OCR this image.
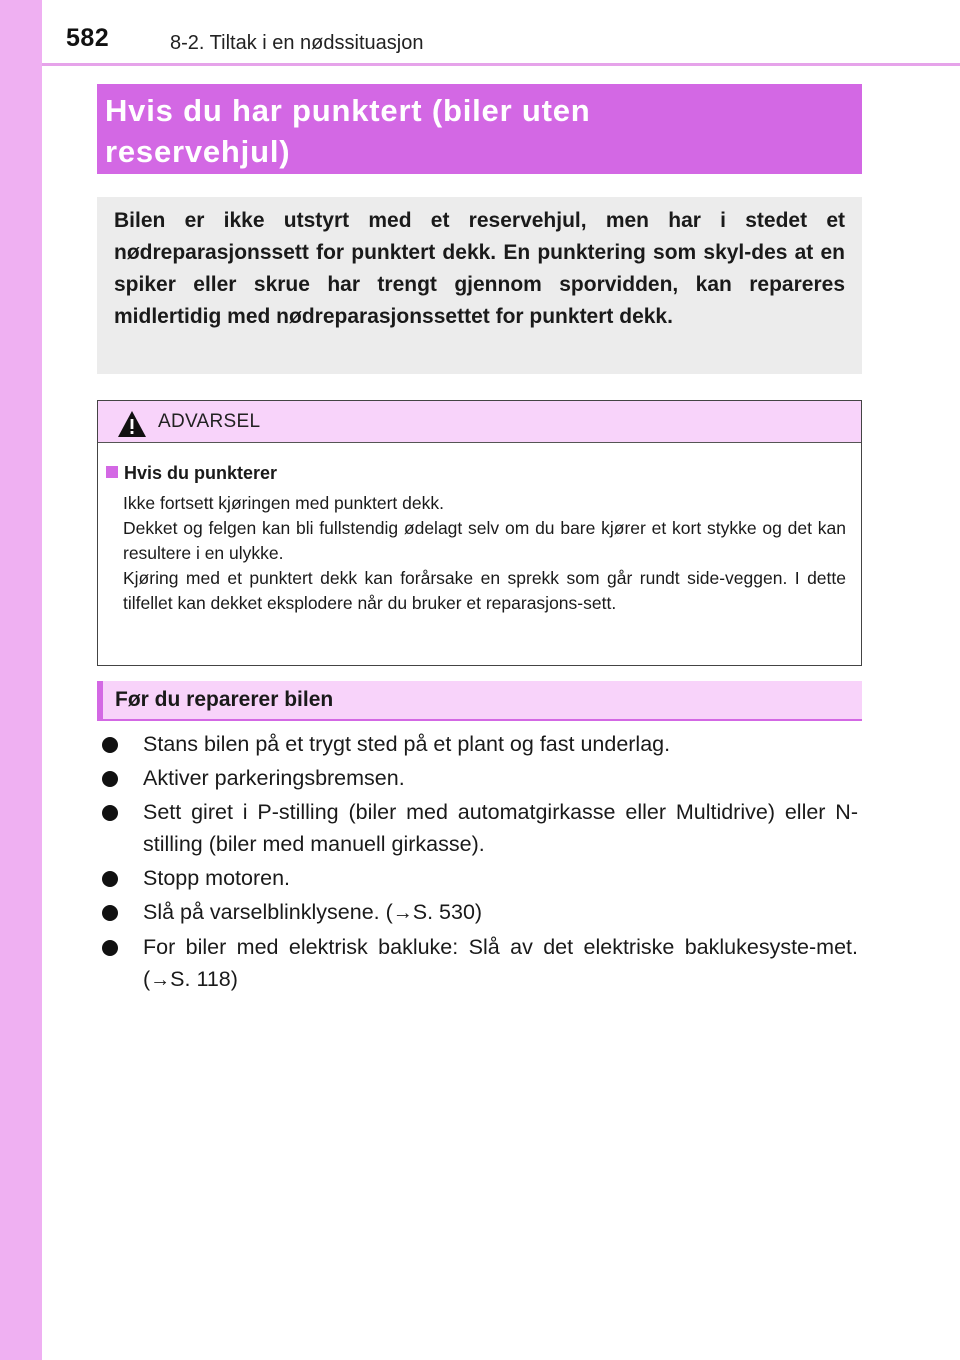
582	8-2. Tiltak i en nødssituasjon
Hvis du har punktert (biler uten
reservehjul)
Bilen er ikke utstyrt med et reservehjul, men har i stedet et nødreparasjonssett for punktert dekk. En punktering som skyl-des at en spiker eller skrue har trengt gjennom sporvidden, kan repareres midlertidig med nødreparasjonssettet for punktert dekk.
ADVARSEL
Hvis du punkterer

Ikke fortsett kjøringen med punktert dekk.

Dekket og felgen kan bli fullstendig ødelagt selv om du bare kjører et kort stykke og det kan resultere i en ulykke.

Kjøring med et punktert dekk kan forårsake en sprekk som går rundt side-veggen. I dette tilfellet kan dekket eksplodere når du bruker et reparasjons-sett.

Før du reparerer bilen
Stans bilen på et trygt sted på et plant og fast underlag.
Aktiver parkeringsbremsen.
Sett giret i P-stilling (biler med automatgirkasse eller Multidrive) eller N-stilling (biler med manuell girkasse).
Stopp motoren.
Slå på varselblinklysene. (→S. 530)
For biler med elektrisk bakluke: Slå av det elektriske baklukesyste-met. (→S. 118)
